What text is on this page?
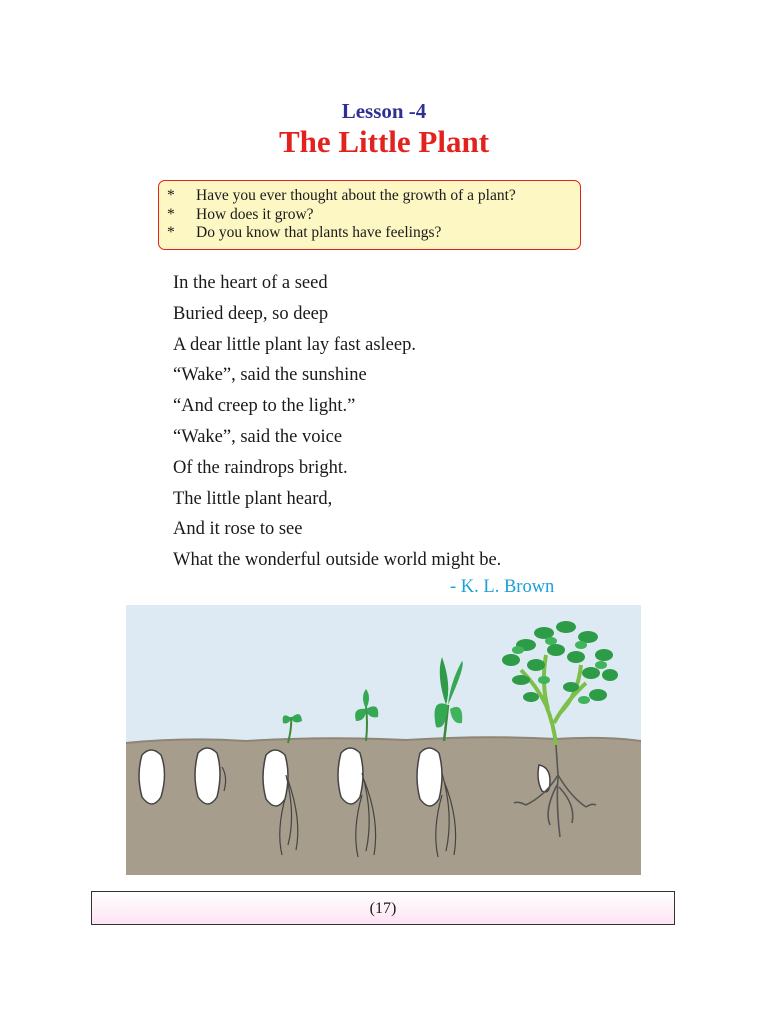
Lesson -4
The Little Plant
*	Have you ever thought about the growth of a plant?
*	How does it grow?
*	Do you know that plants have feelings?
In the heart of a seed
Buried deep, so deep
A dear little plant lay fast asleep.
“Wake”, said the sunshine
“And creep to the light.”
“Wake”, said the voice
Of the raindrops bright.
The little plant heard,
And it rose to see
What the wonderful outside world might be.
- K. L. Brown
(17)
